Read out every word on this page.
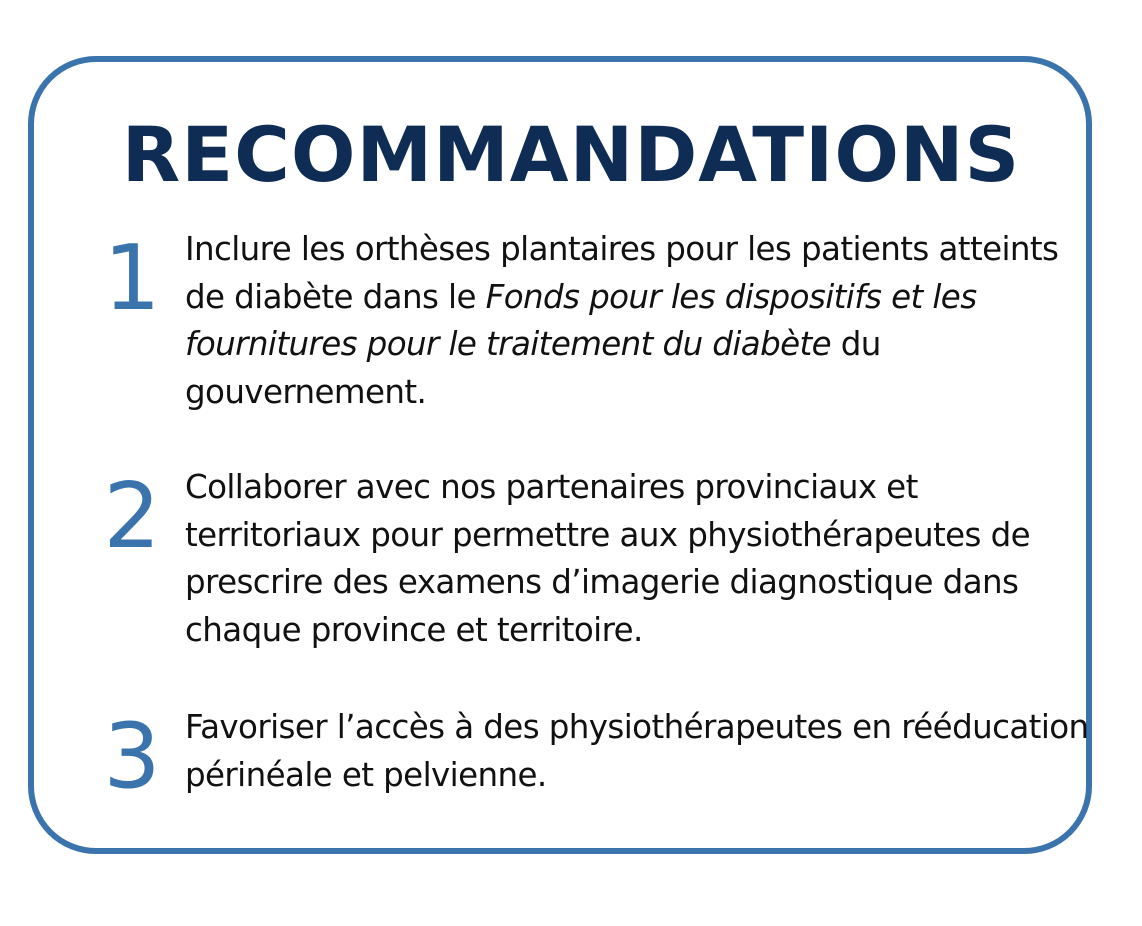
RECOMMANDATIONS
1 Inclure les orthèses plantaires pour les patients atteints de diabète dans le Fonds pour les dispositifs et les fournitures pour le traitement du diabète du gouvernement.

2 Collaborer avec nos partenaires provinciaux et territoriaux pour permettre aux physiothérapeutes de prescrire des examens d’imagerie diagnostique dans chaque province et territoire.

3 Favoriser l’accès à des physiothérapeutes en rééducation périnéale et pelvienne.
